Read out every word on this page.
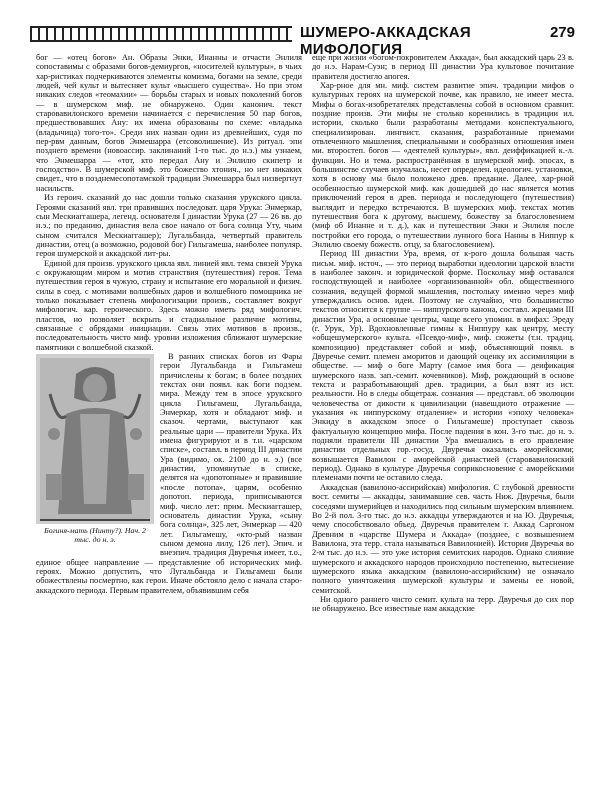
ШУМЕРО-АККАДСКАЯ МИФОЛОГИЯ
279

бог — «отец богов» Ан. Образы Энки, Инанны и отчасти Энлиля сопоставимы с образами богов-демиургов, «носителей культуры», в чьих хар-ристиках подчеркиваются элементы комизма, богами на земле, среди людей, чей культ и вытесняет культ «высшего существа». Но при этом никаких следов «теомахии» — борьбы старых и новых поколений богов — в шумерском миф. не обнаружено. Один канонич. текст старовавилонского времени начинается с перечисления 50 пар богов, предшествовавших Ану: их имена образованы по схеме: «владыка (владычица) того-то». Среди них назван один из древнейших, судя по пер-рвм данным, богов Энмешарра (етсоволишение). Из ритуал. эпи позднего времени (новоассир. заклинаний 1-го тыс. до н.э.) мы узнаем, что Энмешарра — «тот, кто передал Ану и Энлилю скипетр и господство». В шумерской миф. это божество хтонич., но нет никаких свидет., что в позднемесопотамской традиции Энмешарра был низвергнут насильств.

Из героич. сказаний до нас дошли только сказания урукского цикла. Героями сказаний явл. три правивших последоват. царя Урука: Энмеркар, сын Мескиаггашера, легенд. основателя I династии Урука (27 — 26 вв. до н.э.; по преданию, династия вела свое начало от бога солнца Уту, чьим сыном считался Мескиаггашер); Лугальбанда, четвертый правитель династии, отец (а возможно, родовой бог) Гильгамеша, наиболее популяр. героя шумерской и аккадской лит-ры.

Единой для произв. урукского цикла явл. линией явл. тема связей Урука с окружающим миром и мотив странствия (путешествия) героя. Тема путешествия героя в чужую, страну и испытание его моральной и физич. силы в соед. с мотивами волшебных даров и волшебного помощника не только показывает степень мифологизации произв., составляет вокруг мифологич. кар. героического. Здесь можно иметь ряд мифологич. пластов, но позволяет вскрыть и стадиальное различие мотивы, связанные с обрядами инициации. Связь этих мотивов в произв., последовательность чисто миф. уровни изложения сближают шумерские памятники с волшебной сказкой.

Богиня-мать (Нинту?). Нач. 2 тыс. до н. э.

В ранних списках богов из Фары герои Лугальбанда и Гильгамеш причислены к богам; в более поздних текстах они появл. как боги подзем. мира. Между тем в эпосе урукского цикла Гильгамеш, Лугальбанда, Энмеркар, хотя и обладают миф. и сказоч. чертами, выступают как реальные цари — правители Урука. Их имена фигурируют и в т.н. «царском списке», составл. в период III династии Ура (видимо, ок. 2100 до н. э.) (все династии, упомянутые в списке, делятся на «допотопные» и правившие «после потопа», царям, особенно допотоп. периода, приписываются миф. число лет: прим. Мескиаггашер, основатель династии Урука, «сыну бога солнца», 325 лет, Энмеркар — 420 лет. Гильгамешу, «кто-рый назван сыном демона лилу, 126 лет). Эпич. и внеэпич. традиция Двуречья имеет, т.о., единое общее направление — представление об исторических миф. героях. Можно допустить, что Лугальбанда и Гильгамеш были обожествлены посмертно, как герои. Иначе обстояло дело с начала старо-аккадского периода. Первым правителем, объявившим себя

еще при жизни «богом-покровителем Аккада», был аккадский царь 23 в. до н.э. Нарам-Суэн; в период III династии Ура культовое почитание правителя достигло апогея.

Хар-рное для мн. миф. систем развитие эпич. традиции мифов о культурных героях на шумерской почве, как правило, не имеет места. Мифы о богах-изобретателях представлены собой в основном сравнит. поздние произв. Эти мифы не столько коренились в традиции ил. истории, сколько были разработаны методами конспектуального, специализирован. лингвист. сказания, разработанные приемами отвлеченного мышления, специальными и сообразных отношения имен ми. второстеп. богов — «деятелей культуры», явл. деиффикацией к.-л. функции. Но и тема. распространённая в шумерской миф. эпосах, в большинстве случаев изучалась, несет определен. идеологич. установки, хотя в основу мы было положено древ. предание. Далее, хар-рной особенностью шумерской миф. как дошедшей до нас является мотив приключений героя в древ. периода и последующего (путешествия) выглядит и передко встречаются. В шумерских миф. текстах мотив путешествия бога к другому, высшему, божеству за благословением (миф об Инанне и т. д.), как и путешествии Энки и Энлиля после постройки его города, о путешествии лунного бога Нанны в Ниппур к Энлилю своему божеств. отцу, за благословением).

Период III династии Ура, время, от к-рого дошла большая часть письм. миф. источ., — это период выработки идеологии царской власти в наиболее законч. и юридической форме. Поскольку миф оставался господствующей и наиболее «организованной» обл. общественного сознания, ведущей формой мышления, постольку именно через миф утверждались основ. идеи. Поэтому не случайно, что большинство текстов относится к группе — ниппурского канона, составл. жрецами III династии Ура, а основные центры, чаще всего упомин. в мифах: Эреду (г. Урук, Ур). Вдохновленные гимны к Ниппуру как центру, месту «общешумерского» культа. «Псевдо-миф», миф. сюжеты (т.н. традиц. композицию) представляет собой и миф, объясняющий появл. в Двуречье семит. племен аморитов и дающий оценку их ассимиляции в обществе. — миф о боге Марту (самое имя бога — деификация шумерского назв. зап.-семит. кочевников). Миф, рождающий в основе текста и разработывающий древ. традиции, а был взят из ист. реальности. Но в следы общетраж. сознания — представл. об эволюции человечества от дикости к цивилизации (навешдиото отражение — указания «к ниппурскому отдаление» и истории «эпоху человека» Энкиду в аккадском эпосе о Гильгамеше) проступает сквозь фактуальную концепцию мифа. После падения в кон. 3-го тыс. до н. э. подняли правители III династии Ура вмешались в его правление династии отдельных гор.-госуд. Двуречья оказались аморейскими; возвышается Вавилон с аморейской династией (старовавилонский период). Однако в культуре Двуречья соприкосновение с аморейскими племенами почти не оставило следа.

Аккадская (вавилоно-ассирийская) мифология. С глубокой древности вост. семиты — аккадцы, занимавшие сев. часть Ниж. Двуречья, были соседями шумерийцев и находились под сильным шумерским влиянием. Во 2-й пол. 3-го тыс. до н.э. аккадцы утверждаются и на Ю. Двуречья, чему способствовало объед. Двуречья правителем г. Аккад Саргоном Древним в «царстве Шумера и Аккада» (позднее, с возвышением Вавилона, эта терр. стала называться Вавилонией). История Двуречья во 2-м тыс. до н.э. — это уже история семитских народов. Однако слияние шумерского и аккадского народов происходило постепенно, вытеснение шумерского языка аккадским (вавилоно-ассирийским) не означало полного уничтожения шумерской культуры и замены ее новой, семитской.

Ни одного раннего чисто семит. культа на терр. Двуречья до сих пор не обнаружено. Все известные нам аккадские
